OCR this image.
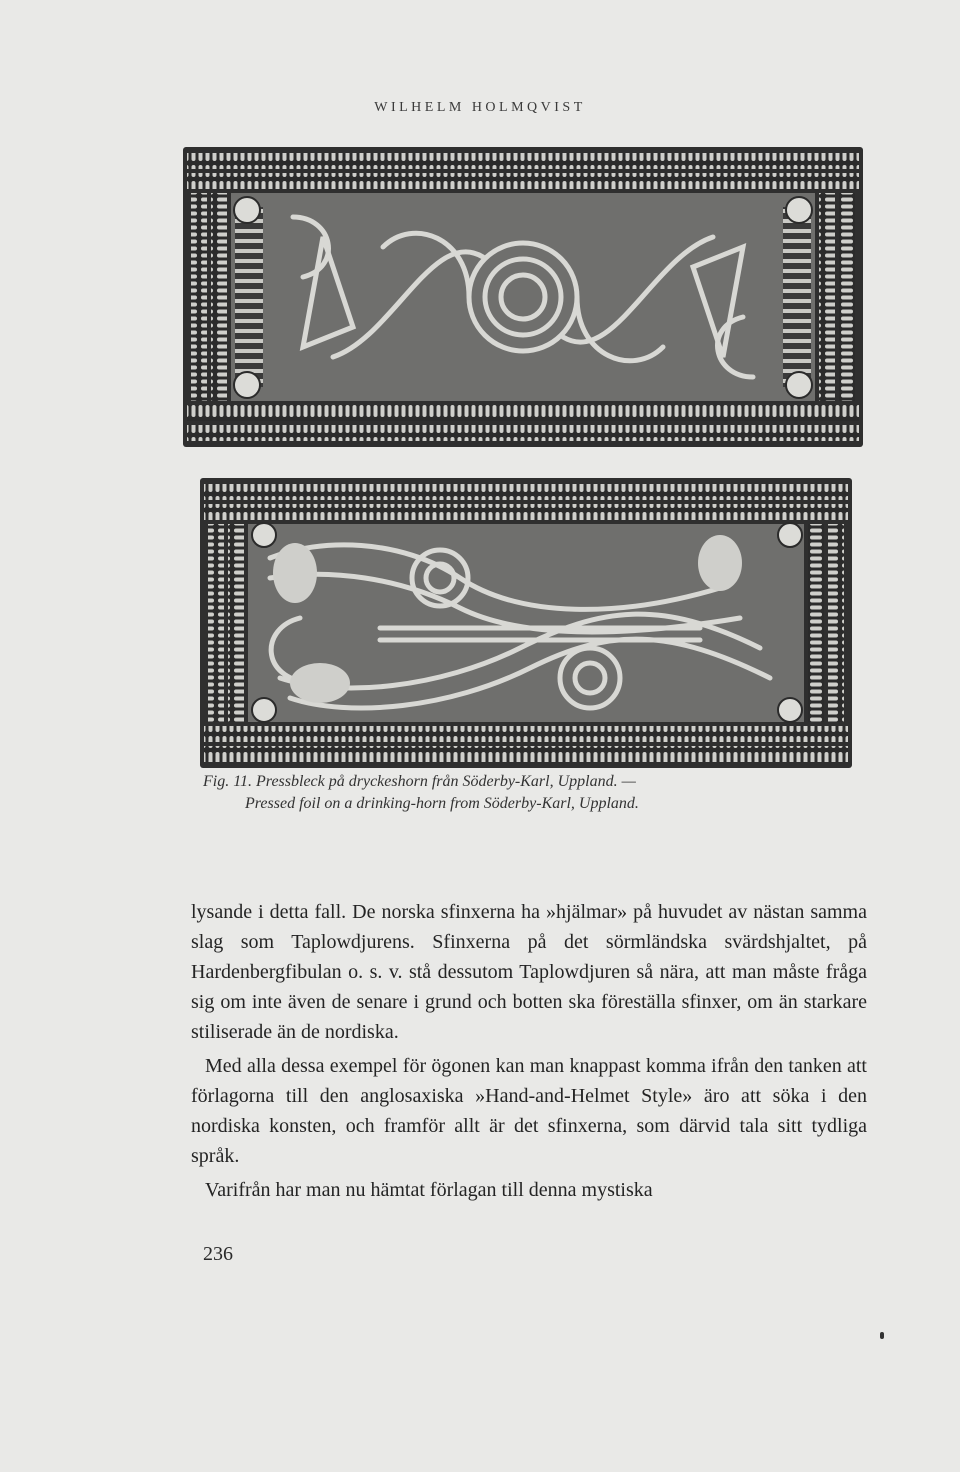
WILHELM HOLMQVIST
Fig. 11. Pressbleck på dryckeshorn från Söderby-Karl, Uppland. —
Pressed foil on a drinking-horn from Söderby-Karl, Uppland.

lysande i detta fall. De norska sfinxerna ha »hjälmar» på huvudet av nästan samma slag som Taplowdjurens. Sfinxerna på det sörmländska svärdshjaltet, på Hardenbergfibulan o. s. v. stå dessutom Taplowdjuren så nära, att man måste fråga sig om inte även de senare i grund och botten ska föreställa sfinxer, om än starkare stiliserade än de nordiska.

Med alla dessa exempel för ögonen kan man knappast komma ifrån den tanken att förlagorna till den anglosaxiska »Hand-and-Helmet Style» äro att söka i den nordiska konsten, och framför allt är det sfinxerna, som därvid tala sitt tydliga språk.

Varifrån har man nu hämtat förlagan till denna mystiska

236
